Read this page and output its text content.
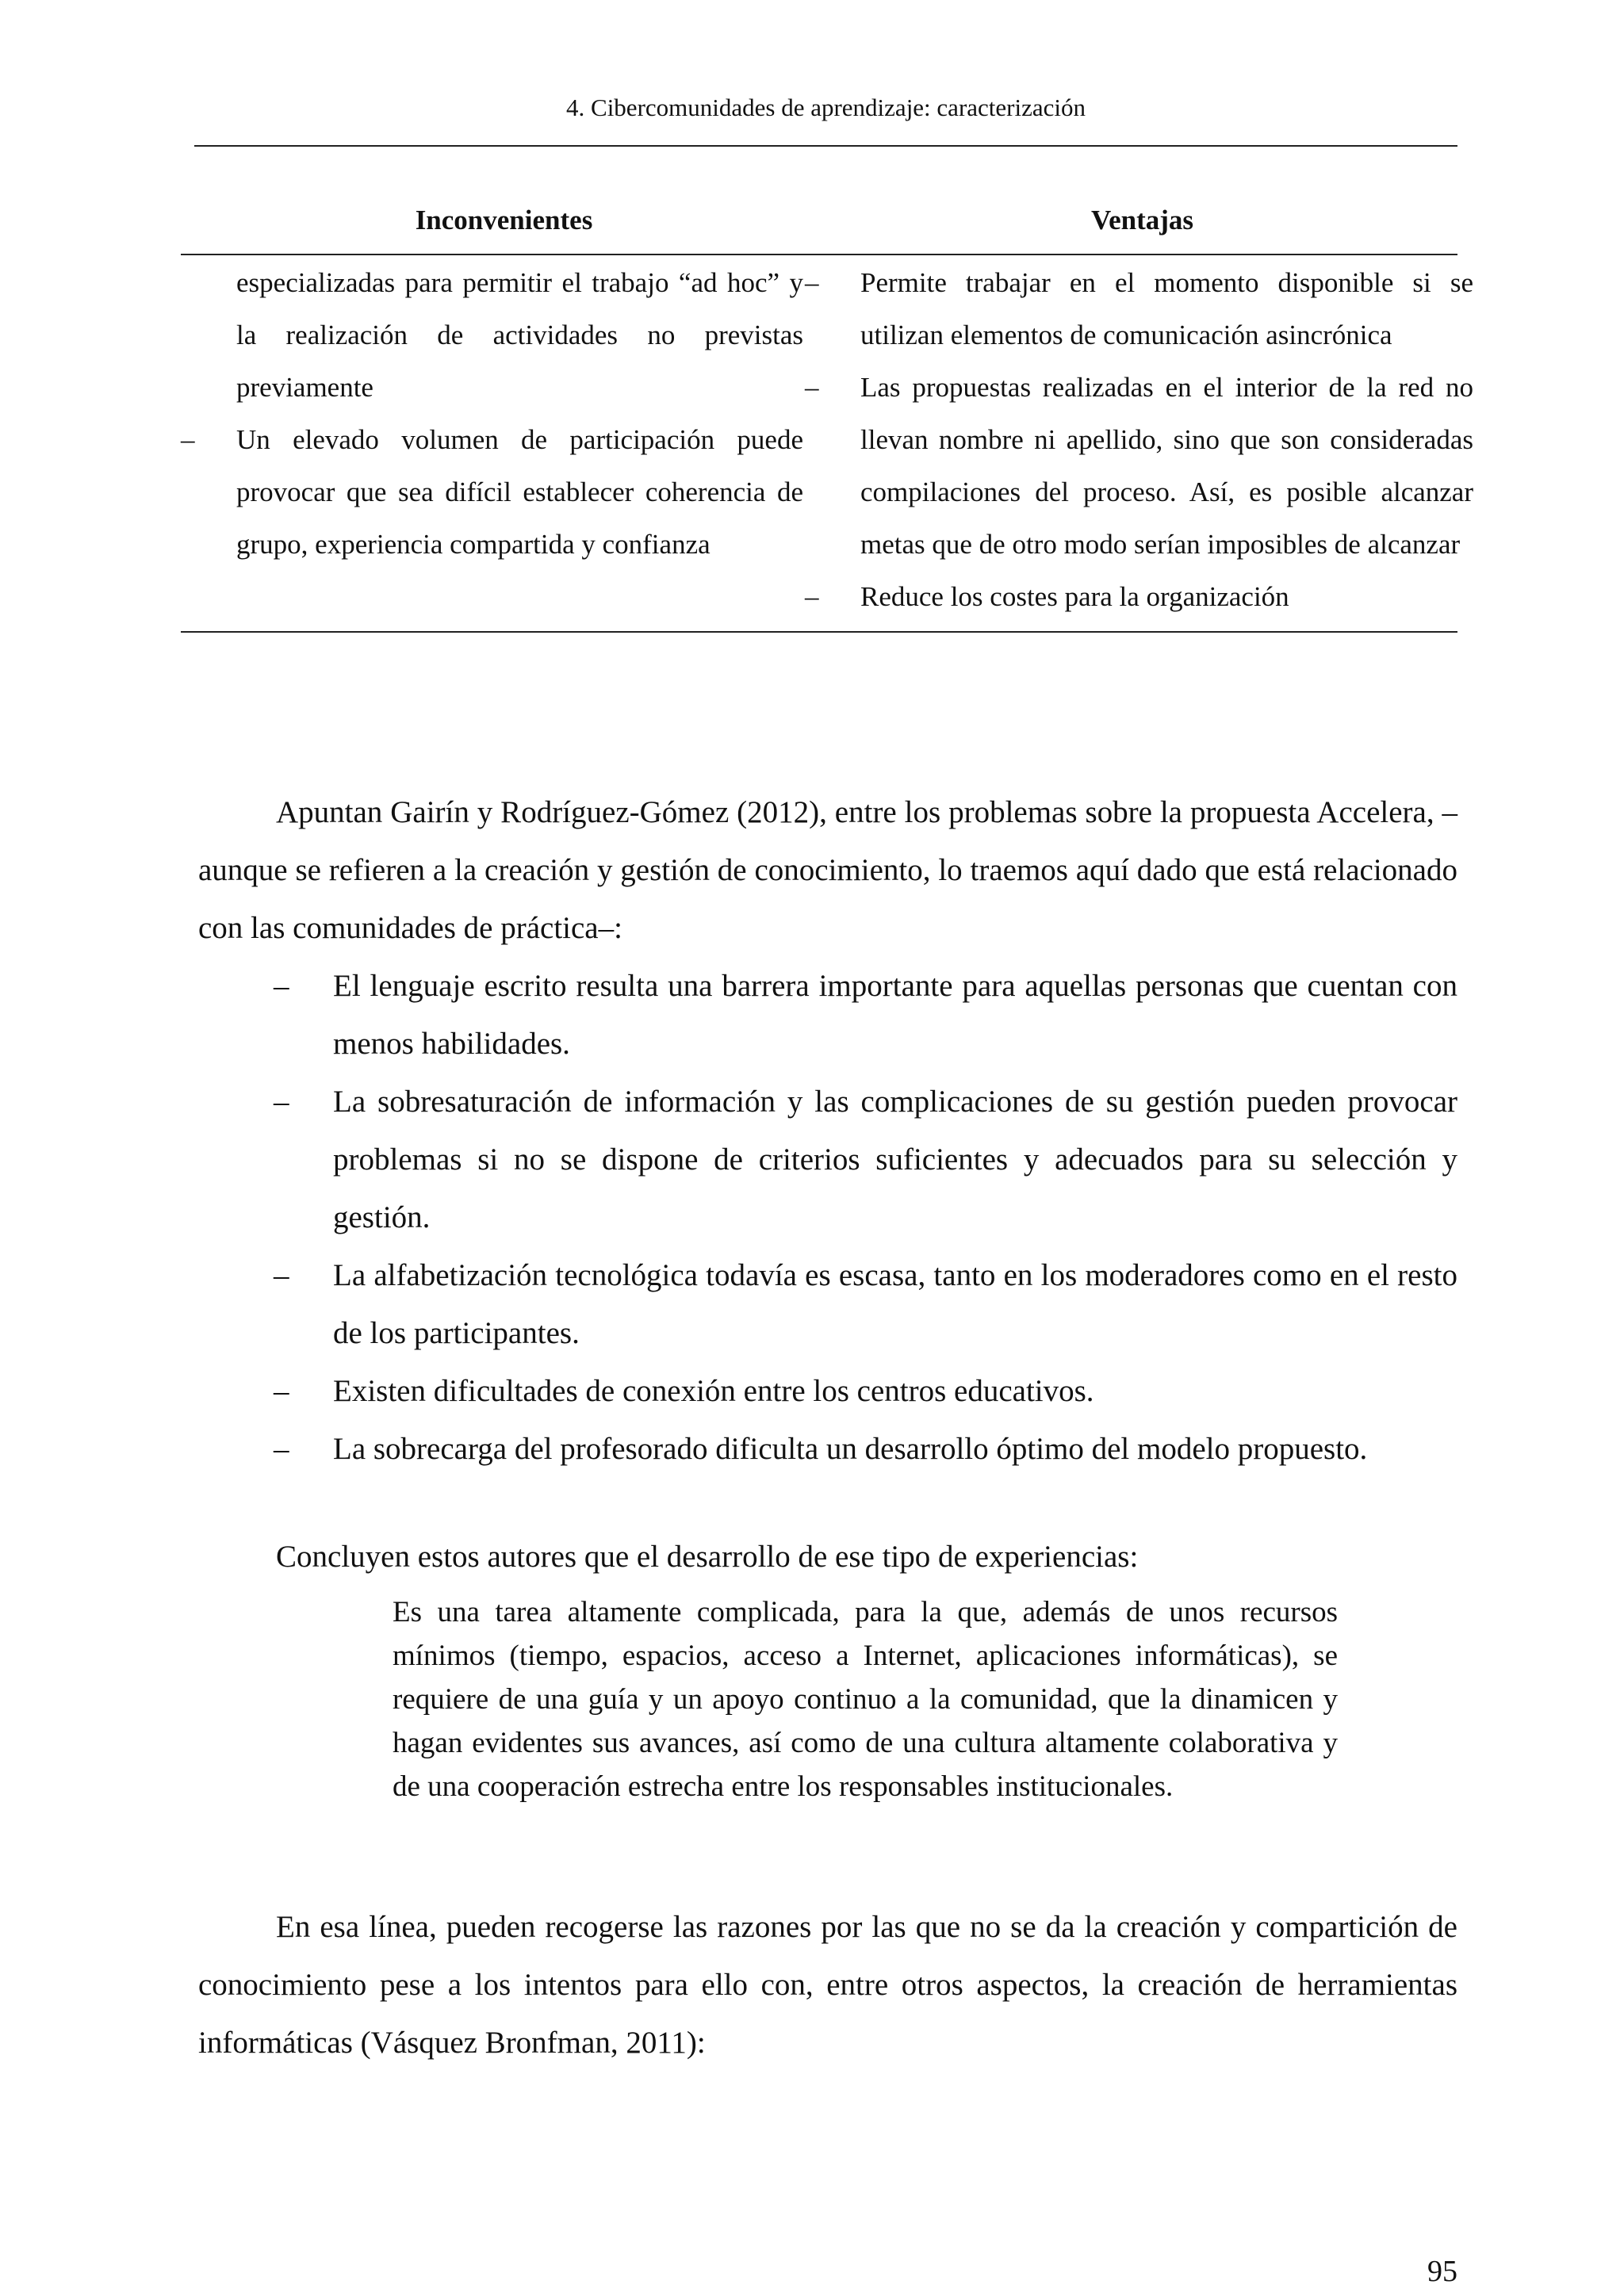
4. Cibercomunidades de aprendizaje: caracterización
Inconvenientes	Ventajas
especializadas para permitir el trabajo “ad hoc” y la realización de actividades no previstas previamente
– Un elevado volumen de participación puede provocar que sea difícil establecer coherencia de grupo, experiencia compartida y confianza
– Permite trabajar en el momento disponible si se utilizan elementos de comunicación asincrónica
– Las propuestas realizadas en el interior de la red no llevan nombre ni apellido, sino que son consideradas compilaciones del proceso. Así, es posible alcanzar metas que de otro modo serían imposibles de alcanzar
– Reduce los costes para la organización
Apuntan Gairín y Rodríguez-Gómez (2012), entre los problemas sobre la propuesta Accelera, –aunque se refieren a la creación y gestión de conocimiento, lo traemos aquí dado que está relacionado con las comunidades de práctica–:
– El lenguaje escrito resulta una barrera importante para aquellas personas que cuentan con menos habilidades.
– La sobresaturación de información y las complicaciones de su gestión pueden provocar problemas si no se dispone de criterios suficientes y adecuados para su selección y gestión.
– La alfabetización tecnológica todavía es escasa, tanto en los moderadores como en el resto de los participantes.
– Existen dificultades de conexión entre los centros educativos.
– La sobrecarga del profesorado dificulta un desarrollo óptimo del modelo propuesto.
Concluyen estos autores que el desarrollo de ese tipo de experiencias:
Es una tarea altamente complicada, para la que, además de unos recursos mínimos (tiempo, espacios, acceso a Internet, aplicaciones informáticas), se requiere de una guía y un apoyo continuo a la comunidad, que la dinamicen y hagan evidentes sus avances, así como de una cultura altamente colaborativa y de una cooperación estrecha entre los responsables institucionales.
En esa línea, pueden recogerse las razones por las que no se da la creación y compartición de conocimiento pese a los intentos para ello con, entre otros aspectos, la creación de herramientas informáticas (Vásquez Bronfman, 2011):
95
